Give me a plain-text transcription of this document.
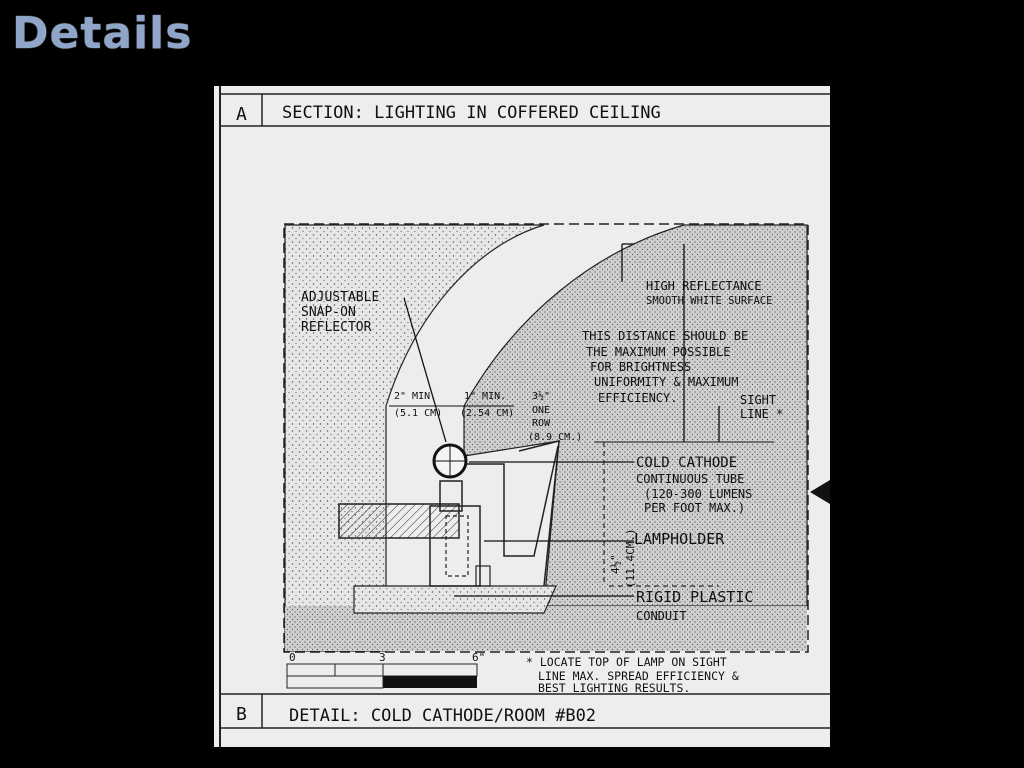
Details
A SECTION: LIGHTING IN COFFERED CEILING
B DETAIL: COLD CATHODE/ROOM #B02
ADJUSTABLE SNAP-ON REFLECTOR
HIGH REFLECTANCE SMOOTH WHITE SURFACE
THIS DISTANCE SHOULD BE THE MAXIMUM POSSIBLE FOR BRIGHTNESS UNIFORMITY & MAXIMUM EFFICIENCY.	SIGHT LINE *
2" MIN. (5.1 CM)
1" MIN. (2.54 CM)
3½" ONE ROW (8.9 CM.)
4½" (11.4CM.)
COLD CATHODE CONTINUOUS TUBE (120-300 LUMENS PER FOOT MAX.)
LAMPHOLDER
RIGID PLASTIC CONDUIT
0	3	6"	* LOCATE TOP OF LAMP ON SIGHT LINE MAX. SPREAD EFFICIENCY & BEST LIGHTING RESULTS.
